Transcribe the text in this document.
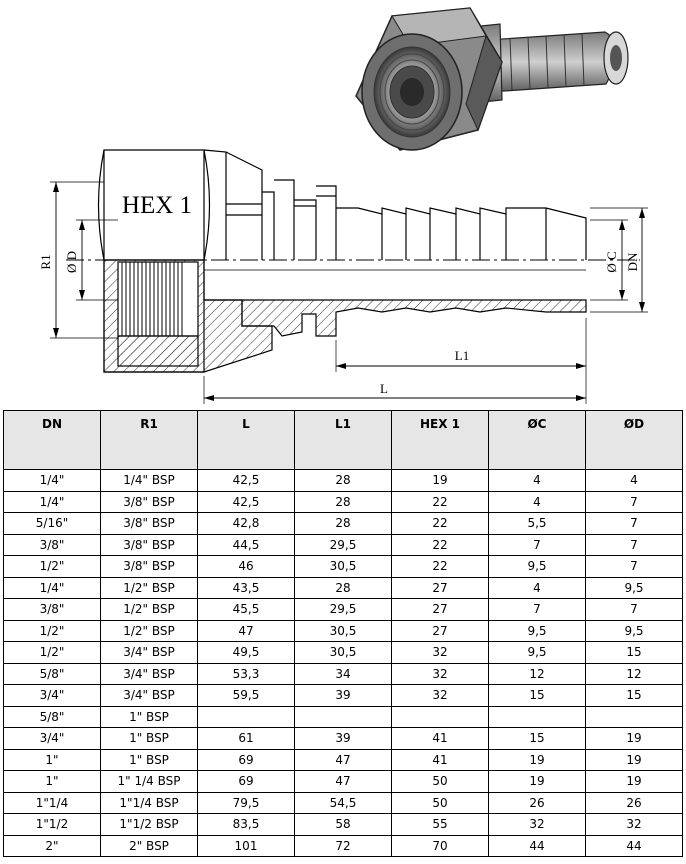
HEX 1
R1 Ø D	Ø C DN
L1
L
DN	R1	L	L1	HEX 1	ØC	ØD
1/4"	1/4" BSP	42,5	28	19	4	4
1/4"	3/8" BSP	42,5	28	22	4	7
5/16"	3/8" BSP	42,8	28	22	5,5	7
3/8"	3/8" BSP	44,5	29,5	22	7	7
1/2"	3/8" BSP	46	30,5	22	9,5	7
1/4"	1/2" BSP	43,5	28	27	4	9,5
3/8"	1/2" BSP	45,5	29,5	27	7	7
1/2"	1/2" BSP	47	30,5	27	9,5	9,5
1/2"	3/4" BSP	49,5	30,5	32	9,5	15
5/8"	3/4" BSP	53,3	34	32	12	12
3/4"	3/4" BSP	59,5	39	32	15	15
5/8"	1" BSP					
3/4"	1" BSP	61	39	41	15	19
1"	1" BSP	69	47	41	19	19
1"	1" 1/4 BSP	69	47	50	19	19
1"1/4	1"1/4 BSP	79,5	54,5	50	26	26
1"1/2	1"1/2 BSP	83,5	58	55	32	32
2"	2" BSP	101	72	70	44	44
